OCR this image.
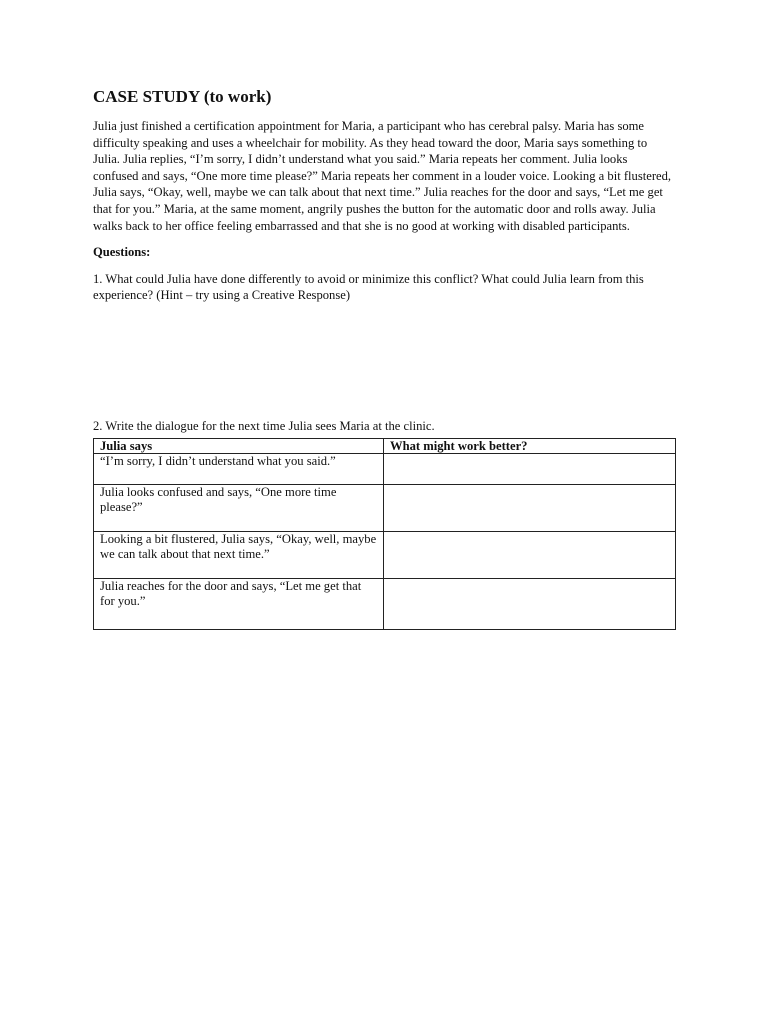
CASE STUDY (to work)

Julia just finished a certification appointment for Maria, a participant who has cerebral palsy. Maria has some difficulty speaking and uses a wheelchair for mobility. As they head toward the door, Maria says something to Julia. Julia replies, “I’m sorry, I didn’t understand what you said.” Maria repeats her comment. Julia looks confused and says, “One more time please?” Maria repeats her comment in a louder voice. Looking a bit flustered, Julia says, “Okay, well, maybe we can talk about that next time.” Julia reaches for the door and says, “Let me get that for you.” Maria, at the same moment, angrily pushes the button for the automatic door and rolls away. Julia walks back to her office feeling embarrassed and that she is no good at working with disabled participants.

Questions:

1. What could Julia have done differently to avoid or minimize this conflict? What could Julia learn from this experience? (Hint – try using a Creative Response)

2. Write the dialogue for the next time Julia sees Maria at the clinic.

Julia says	What might work better?
“I’m sorry, I didn’t understand what you said.”	
Julia looks confused and says, “One more time please?”	
Looking a bit flustered, Julia says, “Okay, well, maybe we can talk about that next time.”	
Julia reaches for the door and says, “Let me get that for you.”	
